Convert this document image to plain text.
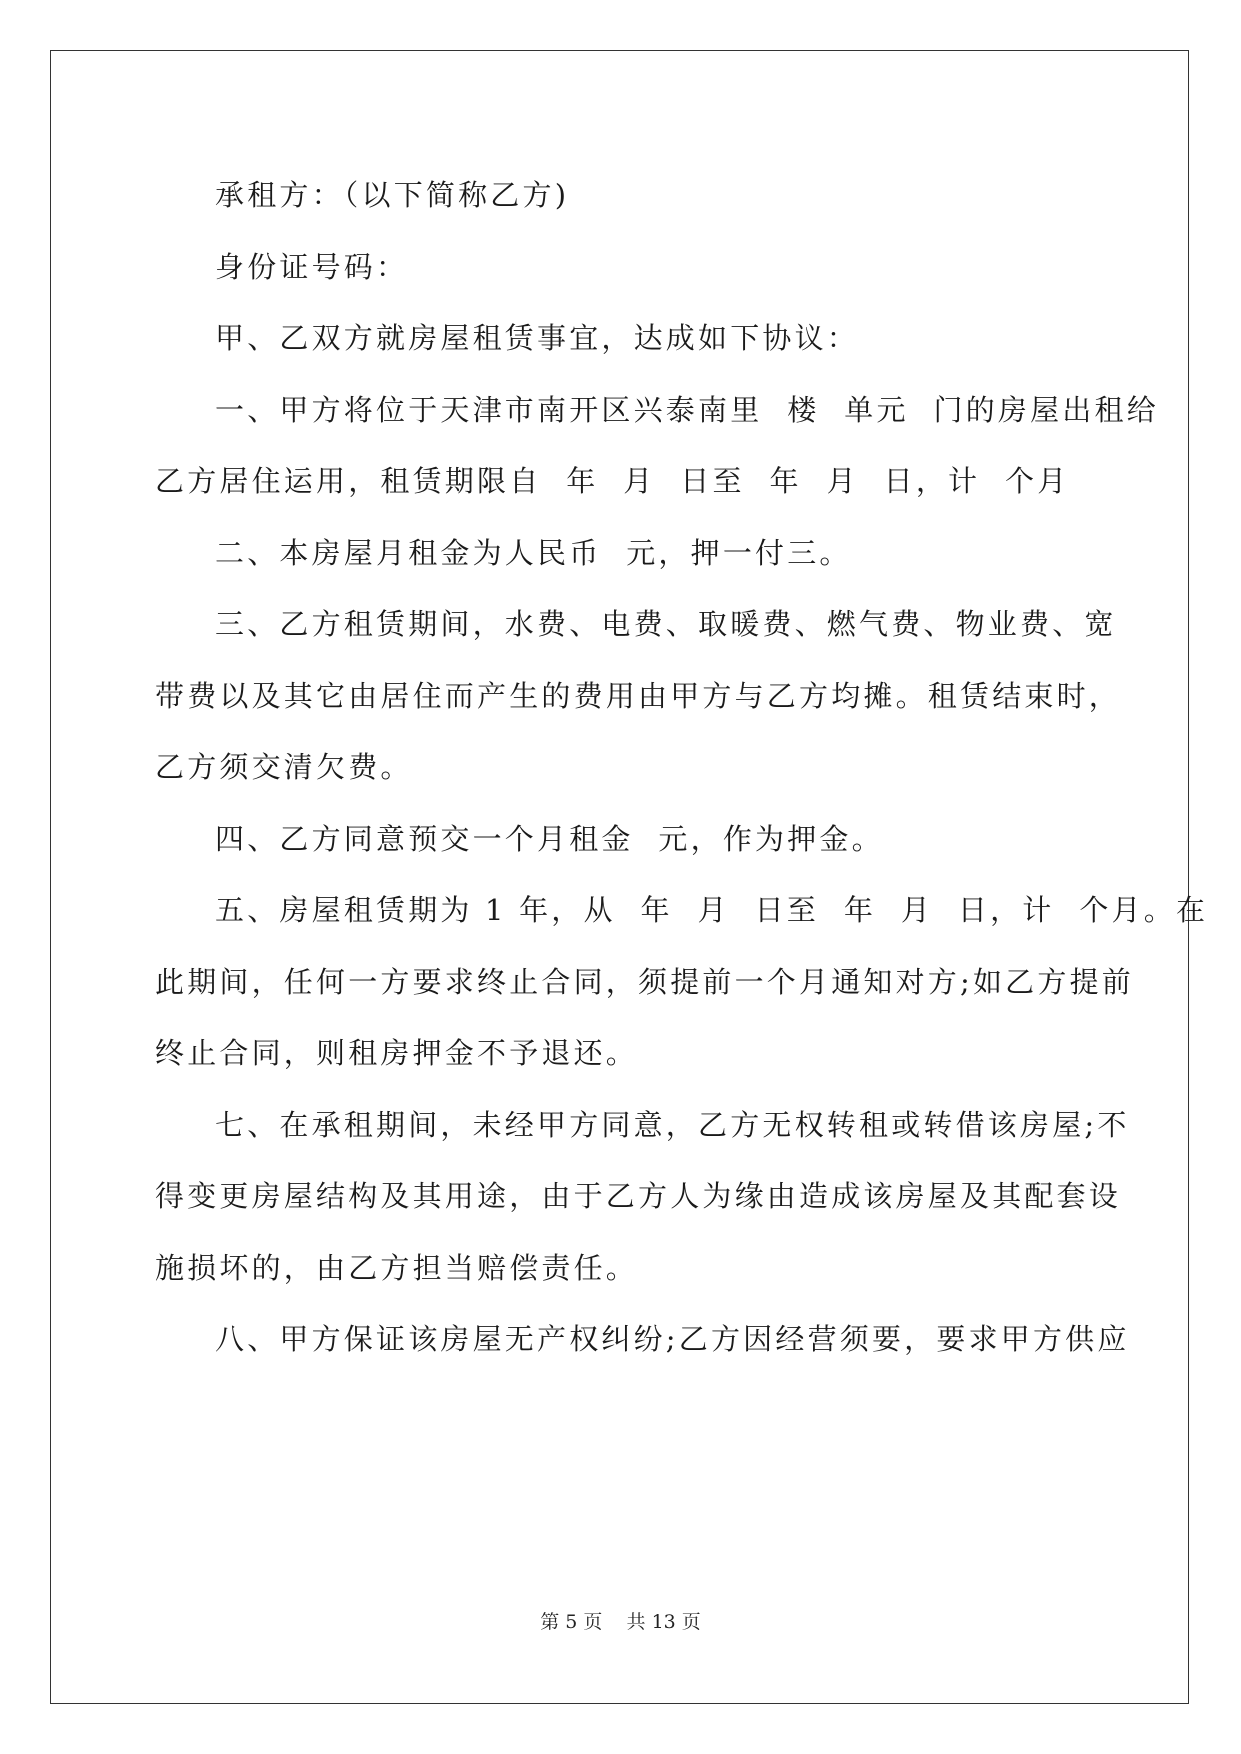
承租方：（以下简称乙方)

身份证号码：

甲、乙双方就房屋租赁事宜，达成如下协议：

一、甲方将位于天津市南开区兴泰南里  楼  单元  门的房屋出租给
乙方居住运用，租赁期限自  年  月  日至  年  月  日，计  个月

二、本房屋月租金为人民币  元，押一付三。

三、乙方租赁期间，水费、电费、取暖费、燃气费、物业费、宽
带费以及其它由居住而产生的费用由甲方与乙方均摊。租赁结束时，
乙方须交清欠费。

四、乙方同意预交一个月租金  元，作为押金。

五、房屋租赁期为 1 年，从  年  月  日至  年  月  日，计  个月。在
此期间，任何一方要求终止合同，须提前一个月通知对方;如乙方提前
终止合同，则租房押金不予退还。

七、在承租期间，未经甲方同意，乙方无权转租或转借该房屋;不
得变更房屋结构及其用途，由于乙方人为缘由造成该房屋及其配套设
施损坏的，由乙方担当赔偿责任。

八、甲方保证该房屋无产权纠纷;乙方因经营须要，要求甲方供应

第 5 页    共 13 页
